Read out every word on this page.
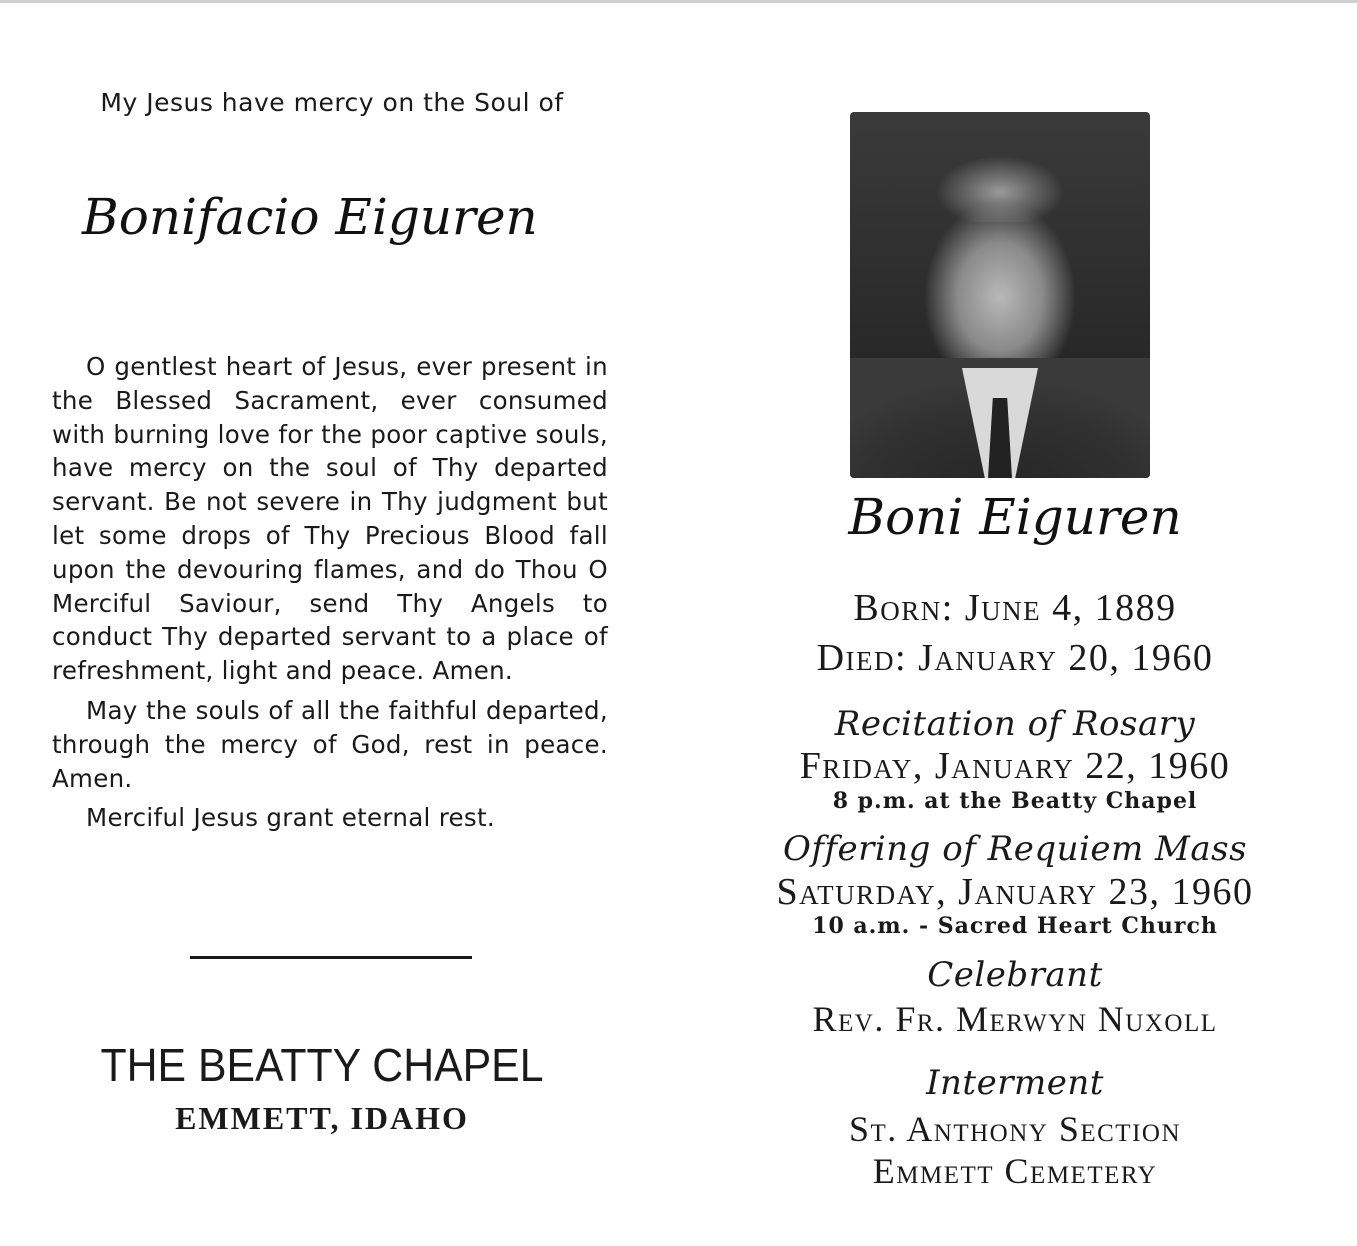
My Jesus have mercy on the Soul of

Bonifacio Eiguren

O gentlest heart of Jesus, ever present in the Blessed Sacrament, ever consumed with burning love for the poor captive souls, have mercy on the soul of Thy departed servant. Be not severe in Thy judgment but let some drops of Thy Precious Blood fall upon the devouring flames, and do Thou O Merciful Saviour, send Thy Angels to conduct Thy departed servant to a place of refreshment, light and peace. Amen.

May the souls of all the faithful departed, through the mercy of God, rest in peace. Amen.

Merciful Jesus grant eternal rest.

THE BEATTY CHAPEL

EMMETT, IDAHO

Boni Eiguren

Born: June 4, 1889

Died: January 20, 1960

Recitation of Rosary

Friday, January 22, 1960

8 p.m. at the Beatty Chapel

Offering of Requiem Mass

Saturday, January 23, 1960

10 a.m. - Sacred Heart Church

Celebrant

Rev. Fr. Merwyn Nuxoll

Interment

St. Anthony Section

Emmett Cemetery
